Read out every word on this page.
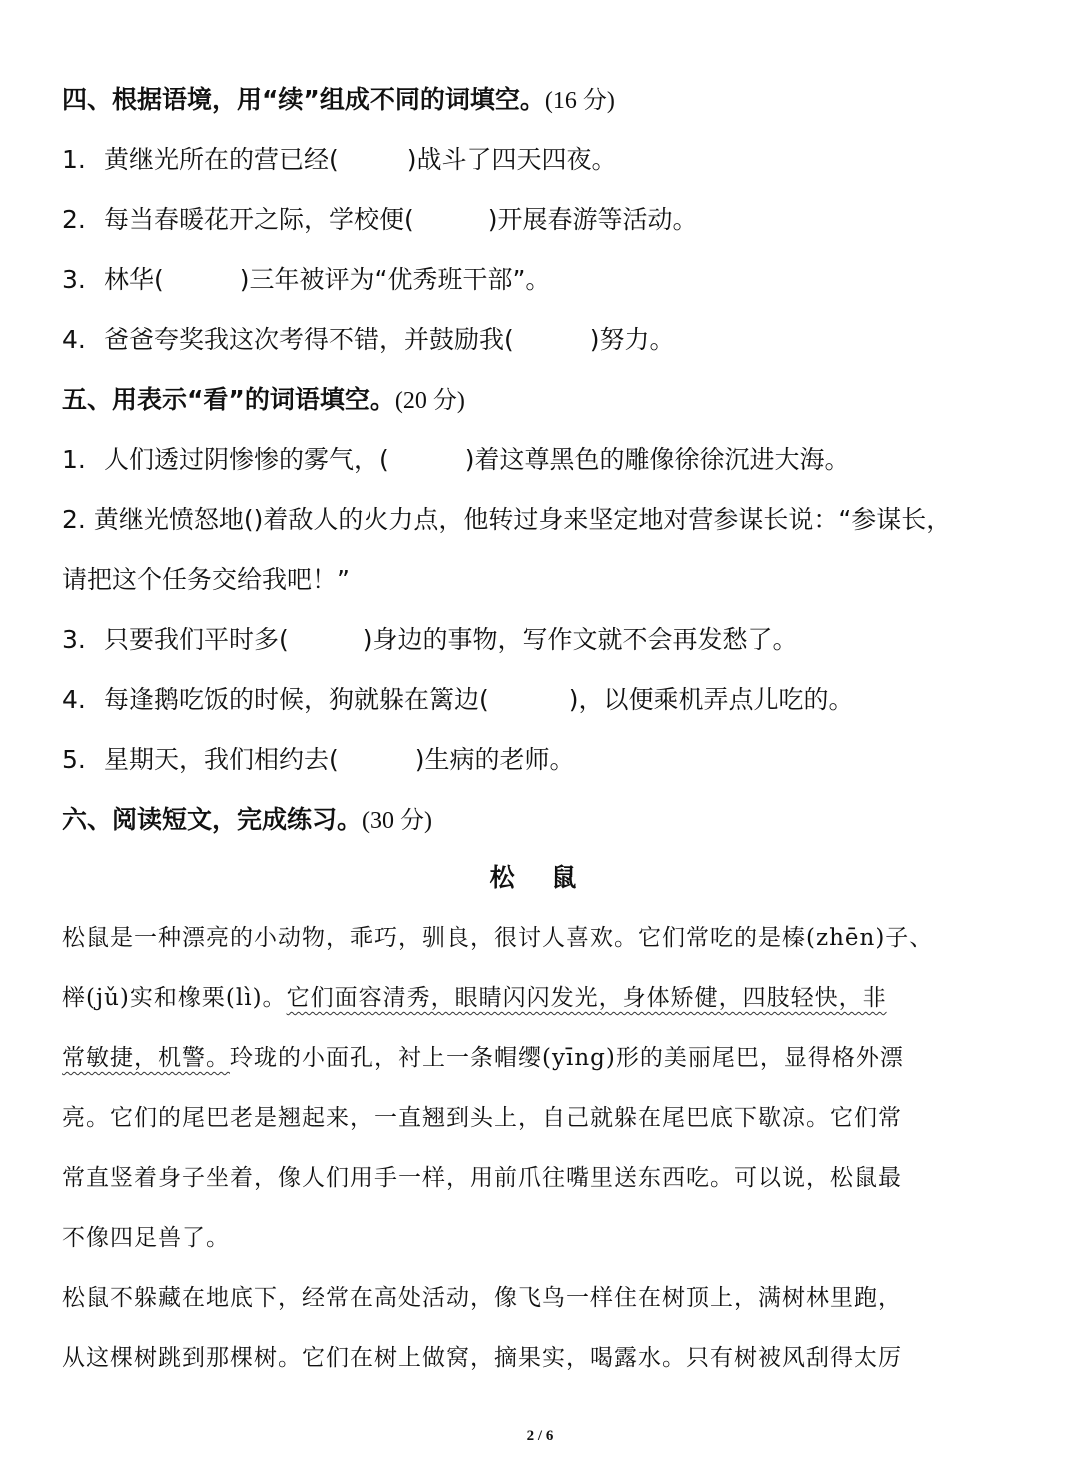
四、根据语境，用“续”组成不同的词填空。(16 分)
1. 黄继光所在的营已经(	)战斗了四天四夜。
2. 每当春暖花开之际，学校便(	)开展春游等活动。
3. 林华(	)三年被评为“优秀班干部”。
4. 爸爸夸奖我这次考得不错，并鼓励我(	)努力。
五、用表示“看”的词语填空。(20 分)
1. 人们透过阴惨惨的雾气，(	)着这尊黑色的雕像徐徐沉进大海。
2. 黄继光愤怒地()着敌人的火力点，他转过身来坚定地对营参谋长说：“参谋长，
请把这个任务交给我吧！”
3. 只要我们平时多(	)身边的事物，写作文就不会再发愁了。
4. 每逢鹅吃饭的时候，狗就躲在篱边(	)，以便乘机弄点儿吃的。
5. 星期天，我们相约去(	)生病的老师。
六、阅读短文，完成练习。(30 分)
松 鼠
松鼠是一种漂亮的小动物，乖巧，驯良，很讨人喜欢。它们常吃的是榛(zhēn)子、
榉(jǔ)实和橡栗(lì)。它们面容清秀，眼睛闪闪发光，身体矫健，四肢轻快，非
常敏捷，机警。玲珑的小面孔，衬上一条帽缨(yīng)形的美丽尾巴，显得格外漂
亮。它们的尾巴老是翘起来，一直翘到头上，自己就躲在尾巴底下歇凉。它们常
常直竖着身子坐着，像人们用手一样，用前爪往嘴里送东西吃。可以说，松鼠最
不像四足兽了。
松鼠不躲藏在地底下，经常在高处活动，像飞鸟一样住在树顶上，满树林里跑，
从这棵树跳到那棵树。它们在树上做窝，摘果实，喝露水。只有树被风刮得太厉
2 / 6
